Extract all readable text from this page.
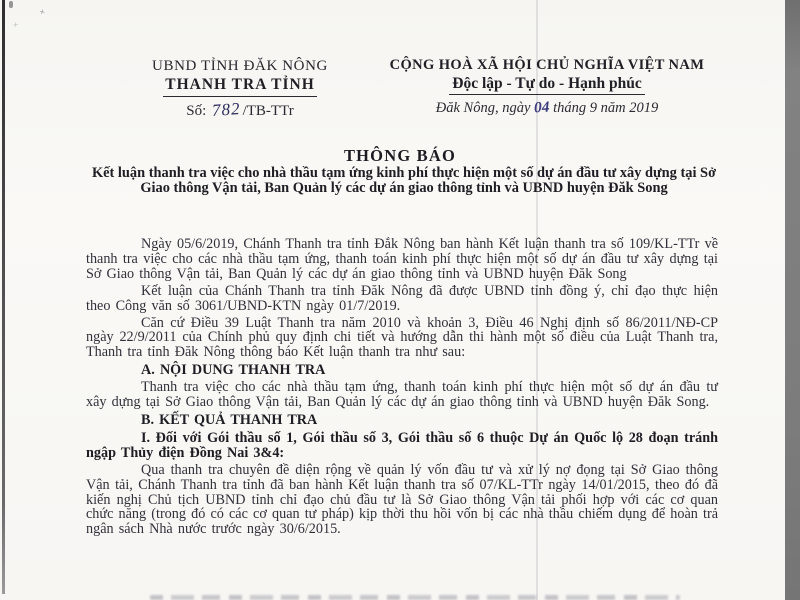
+
+
UBND TỈNH ĐĂK NÔNG
THANH TRA TỈNH
Số: 782/TB-TTr
CỘNG HOÀ XÃ HỘI CHỦ NGHĨA VIỆT NAM
Độc lập - Tự do - Hạnh phúc
Đăk Nông, ngày 04 tháng 9 năm 2019
THÔNG BÁO
Kết luận thanh tra việc cho nhà thầu tạm ứng kinh phí thực hiện một số dự án đầu tư xây dựng tại Sở Giao thông Vận tải, Ban Quản lý các dự án giao thông tỉnh và UBND huyện Đăk Song

Ngày 05/6/2019, Chánh Thanh tra tỉnh Đắk Nông ban hành Kết luận thanh tra số 109/KL-TTr về thanh tra việc cho các nhà thầu tạm ứng, thanh toán kinh phí thực hiện một số dự án đầu tư xây dựng tại Sở Giao thông Vận tải, Ban Quản lý các dự án giao thông tỉnh và UBND huyện Đăk Song

Kết luận của Chánh Thanh tra tỉnh Đăk Nông đã được UBND tỉnh đồng ý, chỉ đạo thực hiện theo Công văn số 3061/UBND-KTN ngày 01/7/2019.

Căn cứ Điều 39 Luật Thanh tra năm 2010 và khoản 3, Điều 46 Nghị định số 86/2011/NĐ-CP ngày 22/9/2011 của Chính phủ quy định chi tiết và hướng dẫn thi hành một số điều của Luật Thanh tra, Thanh tra tỉnh Đăk Nông thông báo Kết luận thanh tra như sau:

A. NỘI DUNG THANH TRA

Thanh tra việc cho các nhà thầu tạm ứng, thanh toán kinh phí thực hiện một số dự án đầu tư xây dựng tại Sở Giao thông Vận tải, Ban Quản lý các dự án giao thông tỉnh và UBND huyện Đăk Song.

B. KẾT QUẢ THANH TRA

I. Đối với Gói thầu số 1, Gói thầu số 3, Gói thầu số 6 thuộc Dự án Quốc lộ 28 đoạn tránh ngập Thủy điện Đồng Nai 3&4:

Qua thanh tra chuyên đề diện rộng về quản lý vốn đầu tư và xử lý nợ đọng tại Sở Giao thông Vận tải, Chánh Thanh tra tỉnh đã ban hành Kết luận thanh tra số 07/KL-TTr ngày 14/01/2015, theo đó đã kiến nghị Chủ tịch UBND tỉnh chỉ đạo chủ đầu tư là Sở Giao thông Vận tải phối hợp với các cơ quan chức năng (trong đó có các cơ quan tư pháp) kịp thời thu hồi vốn bị các nhà thầu chiếm dụng để hoàn trả ngân sách Nhà nước trước ngày 30/6/2015.
